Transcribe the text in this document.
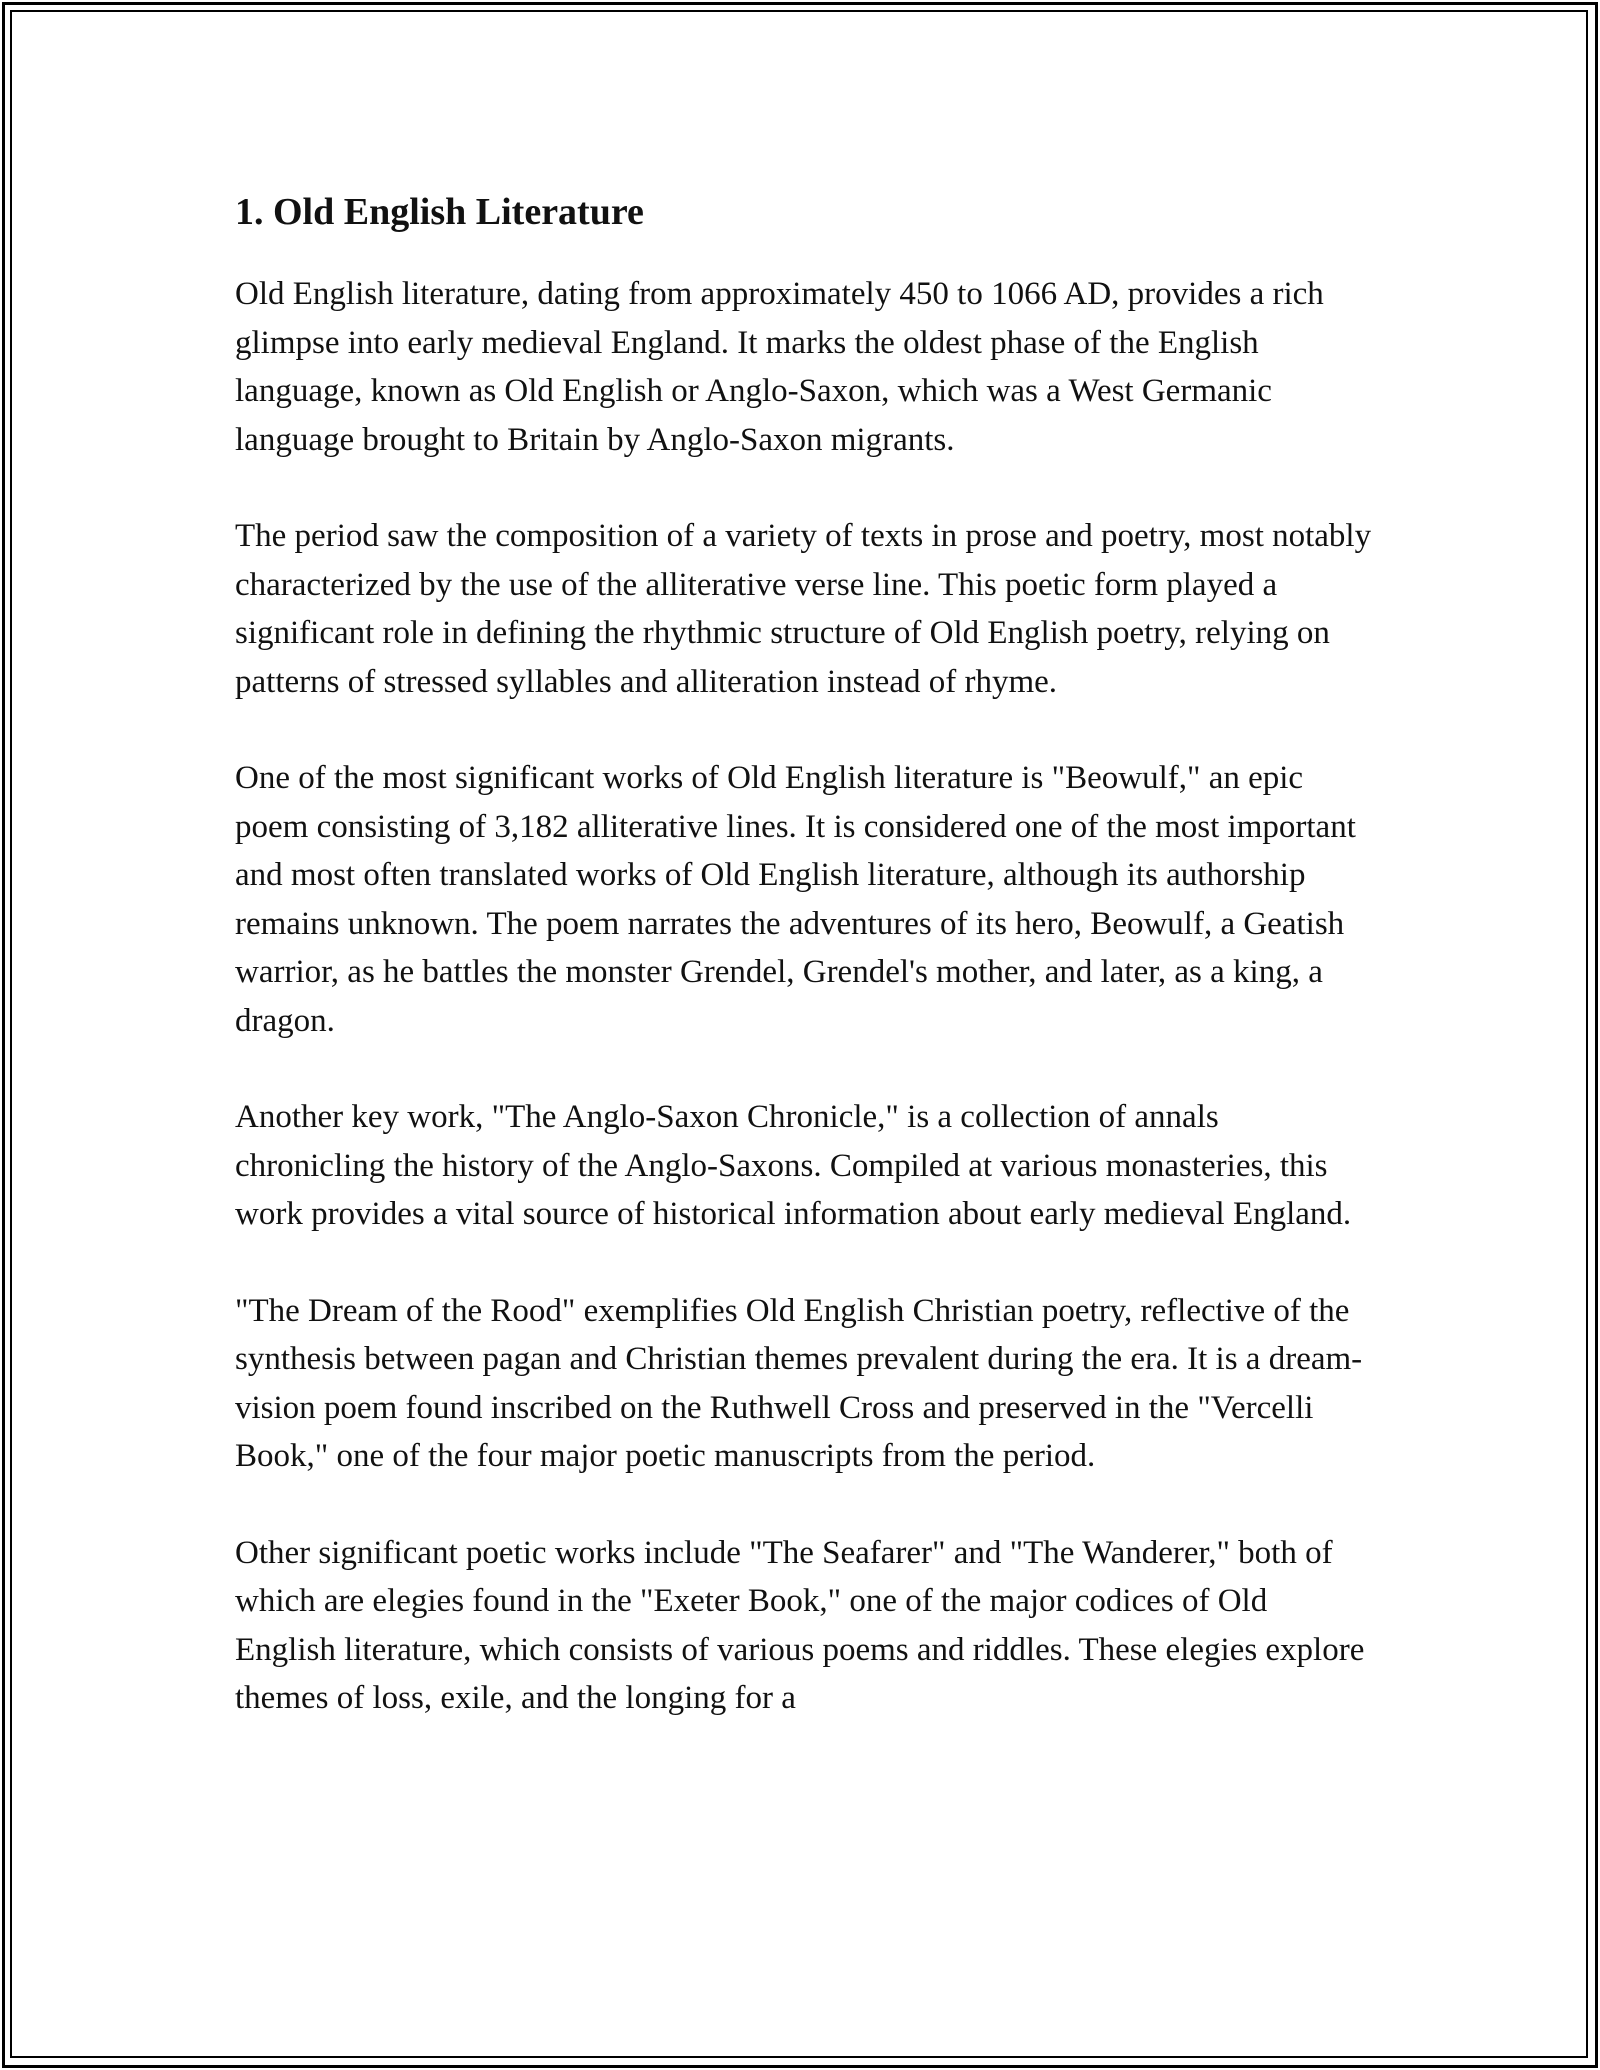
1. Old English Literature

Old English literature, dating from approximately 450 to 1066 AD, provides a rich glimpse into early medieval England. It marks the oldest phase of the English language, known as Old English or Anglo-Saxon, which was a West Germanic language brought to Britain by Anglo-Saxon migrants.

The period saw the composition of a variety of texts in prose and poetry, most notably characterized by the use of the alliterative verse line. This poetic form played a significant role in defining the rhythmic structure of Old English poetry, relying on patterns of stressed syllables and alliteration instead of rhyme.

One of the most significant works of Old English literature is "Beowulf," an epic poem consisting of 3,182 alliterative lines. It is considered one of the most important and most often translated works of Old English literature, although its authorship remains unknown. The poem narrates the adventures of its hero, Beowulf, a Geatish warrior, as he battles the monster Grendel, Grendel's mother, and later, as a king, a dragon.

Another key work, "The Anglo-Saxon Chronicle," is a collection of annals chronicling the history of the Anglo-Saxons. Compiled at various monasteries, this work provides a vital source of historical information about early medieval England.

"The Dream of the Rood" exemplifies Old English Christian poetry, reflective of the synthesis between pagan and Christian themes prevalent during the era. It is a dream-vision poem found inscribed on the Ruthwell Cross and preserved in the "Vercelli Book," one of the four major poetic manuscripts from the period.

Other significant poetic works include "The Seafarer" and "The Wanderer," both of which are elegies found in the "Exeter Book," one of the major codices of Old English literature, which consists of various poems and riddles. These elegies explore themes of loss, exile, and the longing for a
